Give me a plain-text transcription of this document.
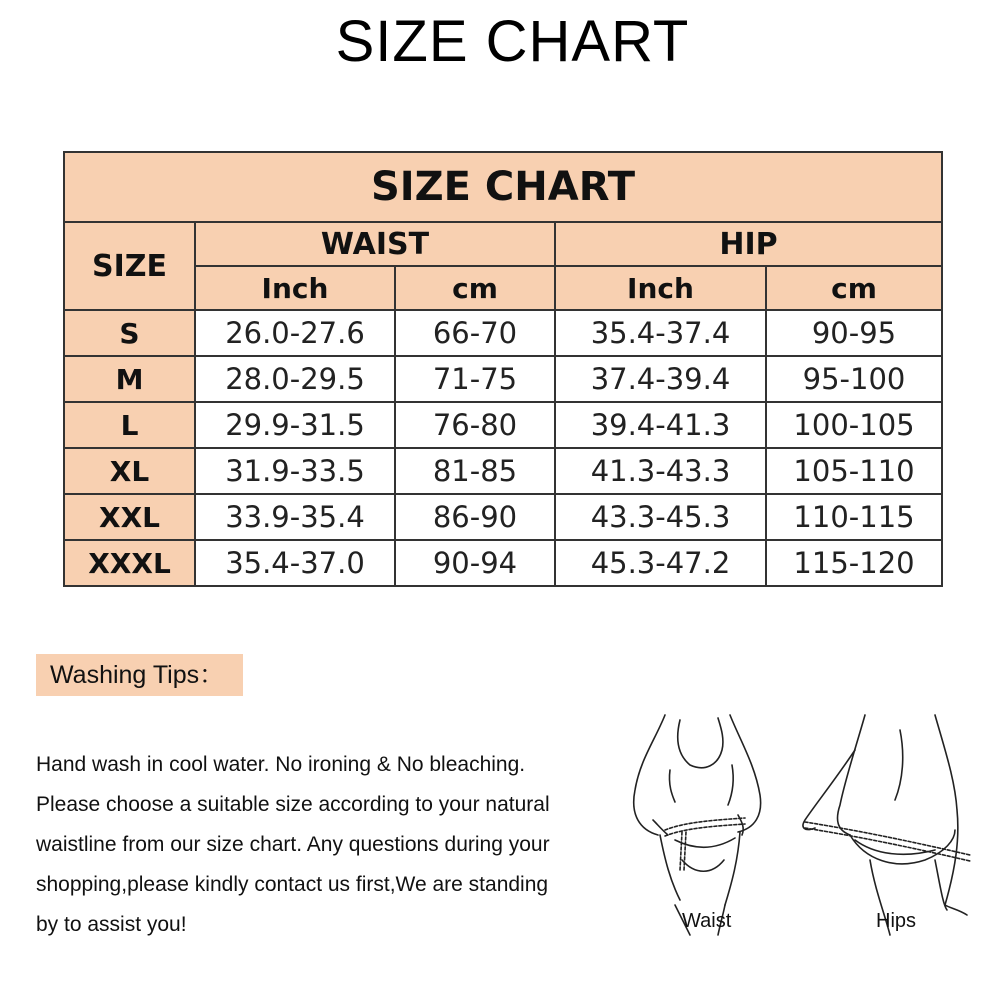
SIZE CHART
SIZE CHART				
SIZE	WAIST		HIP	
	Inch	cm	Inch	cm
S	26.0-27.6	66-70	35.4-37.4	90-95
M	28.0-29.5	71-75	37.4-39.4	95-100
L	29.9-31.5	76-80	39.4-41.3	100-105
XL	31.9-33.5	81-85	41.3-43.3	105-110
XXL	33.9-35.4	86-90	43.3-45.3	110-115
XXXL	35.4-37.0	90-94	45.3-47.2	115-120
Washing Tips：
Hand wash in cool water. No ironing & No bleaching.
Please choose a suitable size according to your natural
waistline from our size chart. Any questions during your
shopping,please kindly contact us first,We are standing
by to assist you!	Waist	Hips
